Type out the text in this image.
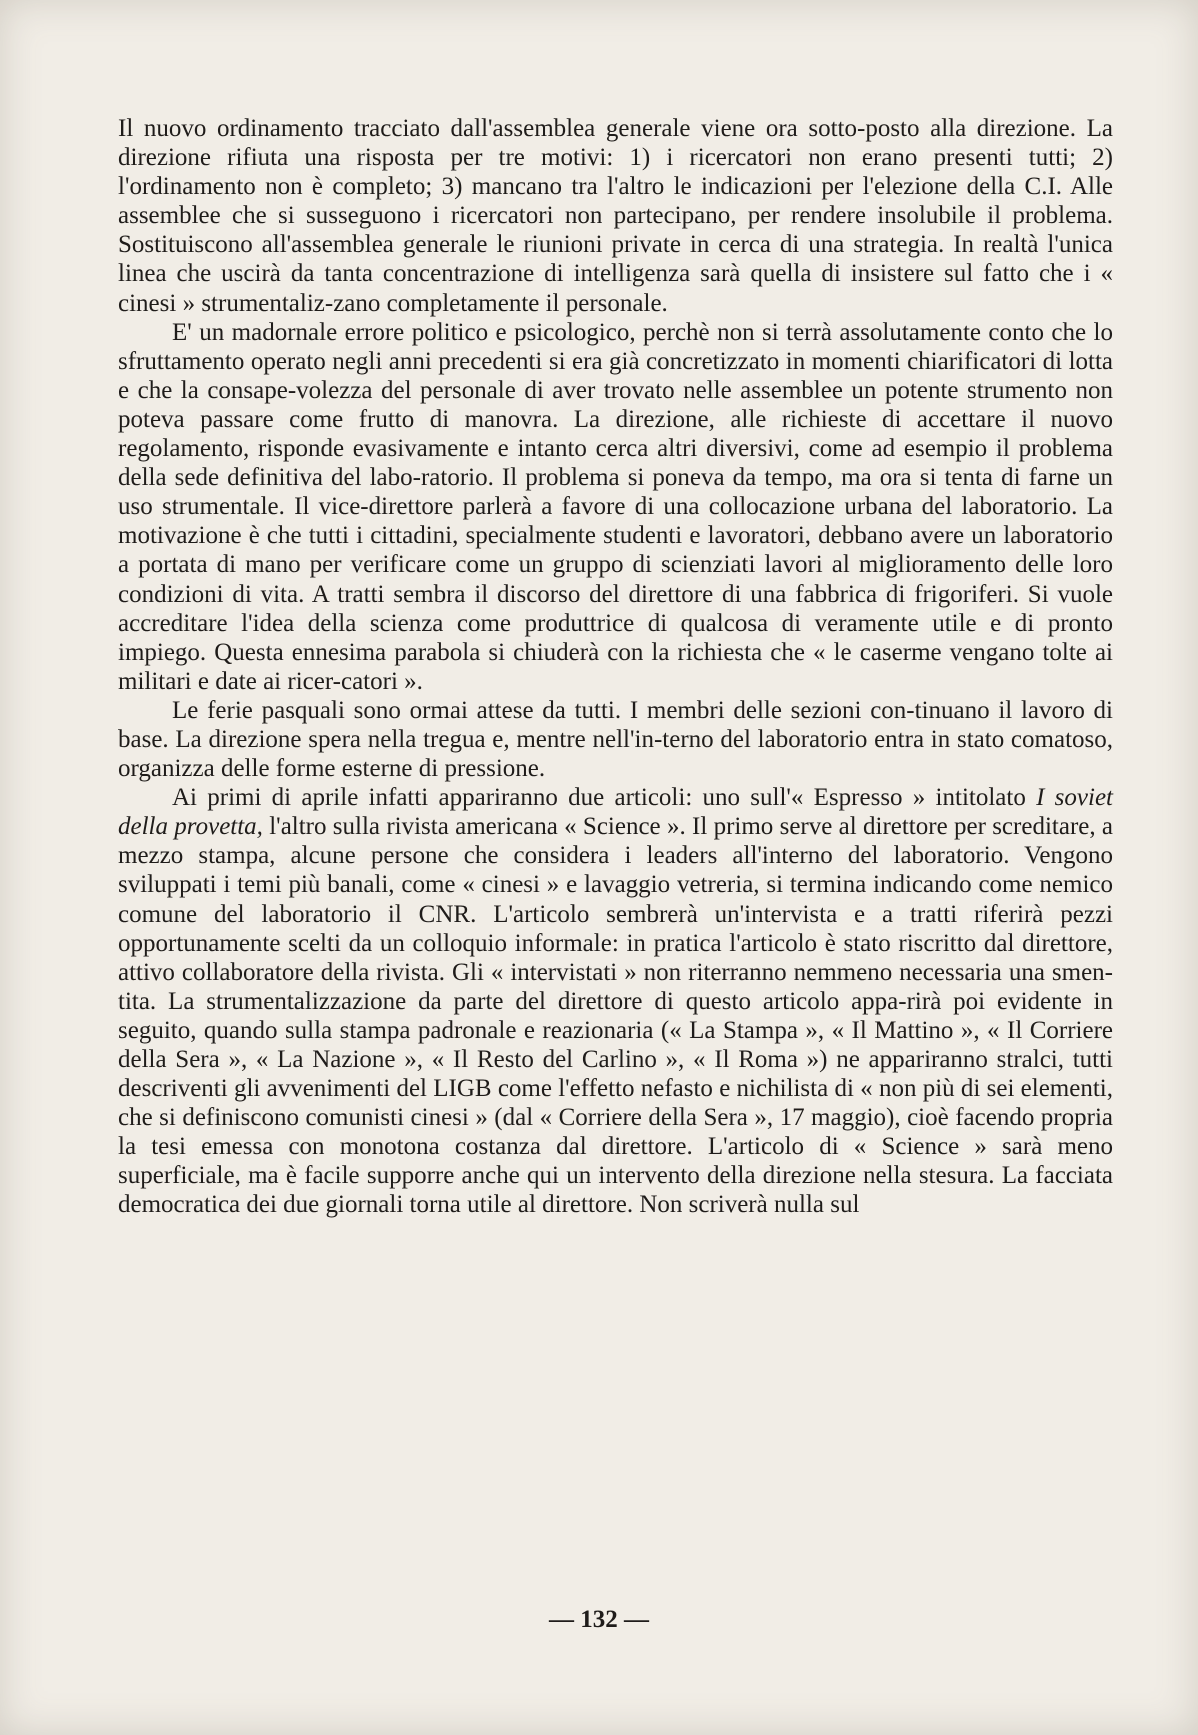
Il nuovo ordinamento tracciato dall'assemblea generale viene ora sotto-posto alla direzione. La direzione rifiuta una risposta per tre motivi: 1) i ricercatori non erano presenti tutti; 2) l'ordinamento non è completo; 3) mancano tra l'altro le indicazioni per l'elezione della C.I. Alle assemblee che si susseguono i ricercatori non partecipano, per rendere insolubile il problema. Sostituiscono all'assemblea generale le riunioni private in cerca di una strategia. In realtà l'unica linea che uscirà da tanta concentrazione di intelligenza sarà quella di insistere sul fatto che i « cinesi » strumentaliz-zano completamente il personale.

E' un madornale errore politico e psicologico, perchè non si terrà assolutamente conto che lo sfruttamento operato negli anni precedenti si era già concretizzato in momenti chiarificatori di lotta e che la consape-volezza del personale di aver trovato nelle assemblee un potente strumento non poteva passare come frutto di manovra. La direzione, alle richieste di accettare il nuovo regolamento, risponde evasivamente e intanto cerca altri diversivi, come ad esempio il problema della sede definitiva del labo-ratorio. Il problema si poneva da tempo, ma ora si tenta di farne un uso strumentale. Il vice-direttore parlerà a favore di una collocazione urbana del laboratorio. La motivazione è che tutti i cittadini, specialmente studenti e lavoratori, debbano avere un laboratorio a portata di mano per verificare come un gruppo di scienziati lavori al miglioramento delle loro condizioni di vita. A tratti sembra il discorso del direttore di una fabbrica di frigoriferi. Si vuole accreditare l'idea della scienza come produttrice di qualcosa di veramente utile e di pronto impiego. Questa ennesima parabola si chiuderà con la richiesta che « le caserme vengano tolte ai militari e date ai ricer-catori ».

Le ferie pasquali sono ormai attese da tutti. I membri delle sezioni con-tinuano il lavoro di base. La direzione spera nella tregua e, mentre nell'in-terno del laboratorio entra in stato comatoso, organizza delle forme esterne di pressione.

Ai primi di aprile infatti appariranno due articoli: uno sull'« Espresso » intitolato I soviet della provetta, l'altro sulla rivista americana « Science ». Il primo serve al direttore per screditare, a mezzo stampa, alcune persone che considera i leaders all'interno del laboratorio. Vengono sviluppati i temi più banali, come « cinesi » e lavaggio vetreria, si termina indicando come nemico comune del laboratorio il CNR. L'articolo sembrerà un'intervista e a tratti riferirà pezzi opportunamente scelti da un colloquio informale: in pratica l'articolo è stato riscritto dal direttore, attivo collaboratore della rivista. Gli « intervistati » non riterranno nemmeno necessaria una smen-tita. La strumentalizzazione da parte del direttore di questo articolo appa-rirà poi evidente in seguito, quando sulla stampa padronale e reazionaria (« La Stampa », « Il Mattino », « Il Corriere della Sera », « La Nazione », « Il Resto del Carlino », « Il Roma ») ne appariranno stralci, tutti descriventi gli avvenimenti del LIGB come l'effetto nefasto e nichilista di « non più di sei elementi, che si definiscono comunisti cinesi » (dal « Corriere della Sera », 17 maggio), cioè facendo propria la tesi emessa con monotona costanza dal direttore. L'articolo di « Science » sarà meno superficiale, ma è facile supporre anche qui un intervento della direzione nella stesura. La facciata democratica dei due giornali torna utile al direttore. Non scriverà nulla sul

— 132 —
